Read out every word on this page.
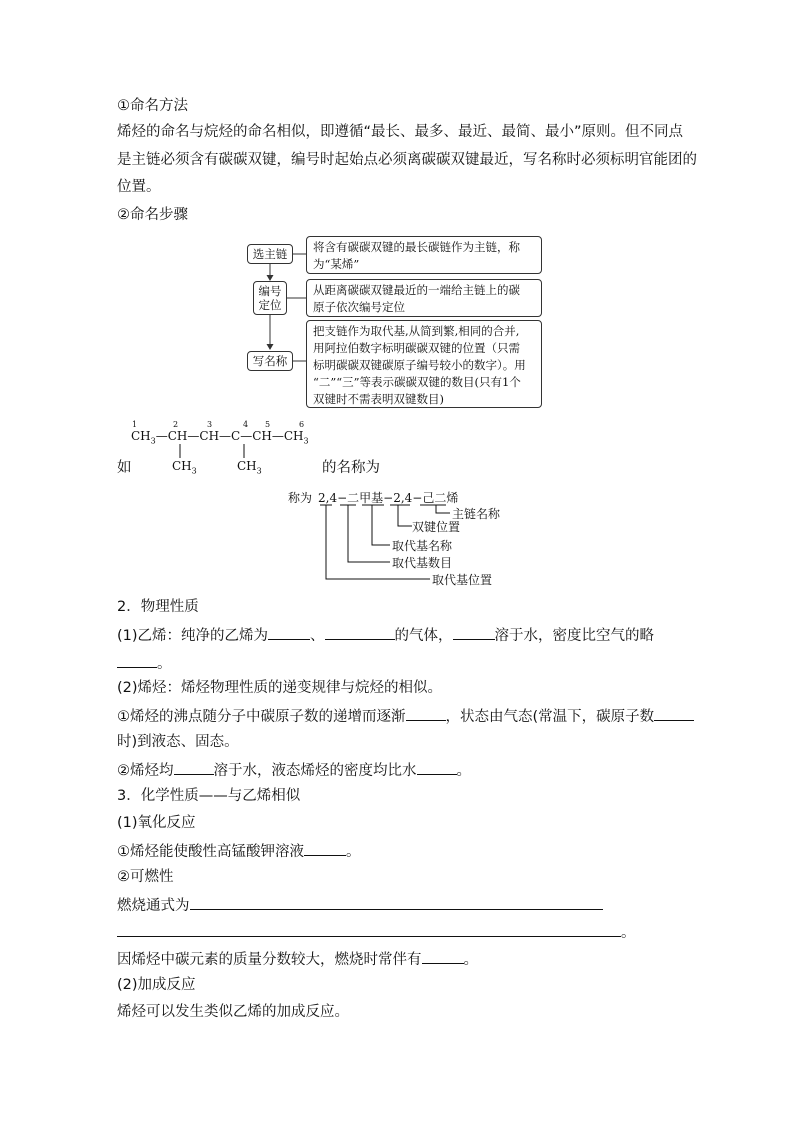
①命名方法
烯烃的命名与烷烃的命名相似，即遵循“最长、最多、最近、最简、最小”原则。但不同点
是主链必须含有碳碳双键，编号时起始点必须离碳碳双键最近，写名称时必须标明官能团的
位置。
②命名步骤
选主链 将含有碳碳双键的最长碳链作为主链，称
为“某烯”
编号
定位
从距离碳碳双键最近的一端给主链上的碳
原子依次编号定位
写名称
把支链作为取代基,从简到繁,相同的合并,
用阿拉伯数字标明碳碳双键的位置（只需
标明碳碳双键碳原子编号较小的数字）。用
“二”“三”等表示碳碳双键的数目(只有1个
双键时不需表明双键数目)
1	2	3	4 5	6
$CH_3—CH—CH—C—CH—CH_3$
$CH_3$	$CH_3$
如	的名称为
称为 2,4−二甲基−2,4−己二烯
主链名称
双键位置
取代基名称
取代基数目
取代基位置
2．物理性质
(1)乙烯：纯净的乙烯为	、	的气体，	溶于水，密度比空气的略
。
(2)烯烃：烯烃物理性质的递变规律与烷烃的相似。
①烯烃的沸点随分子中碳原子数的递增而逐渐	，状态由气态(常温下，碳原子数
时)到液态、固态。
②烯烃均	溶于水，液态烯烃的密度均比水	。
3．化学性质——与乙烯相似
(1)氧化反应
①烯烃能使酸性高锰酸钾溶液	。
②可燃性
燃烧通式为
。
因烯烃中碳元素的质量分数较大，燃烧时常伴有	。
(2)加成反应
烯烃可以发生类似乙烯的加成反应。
